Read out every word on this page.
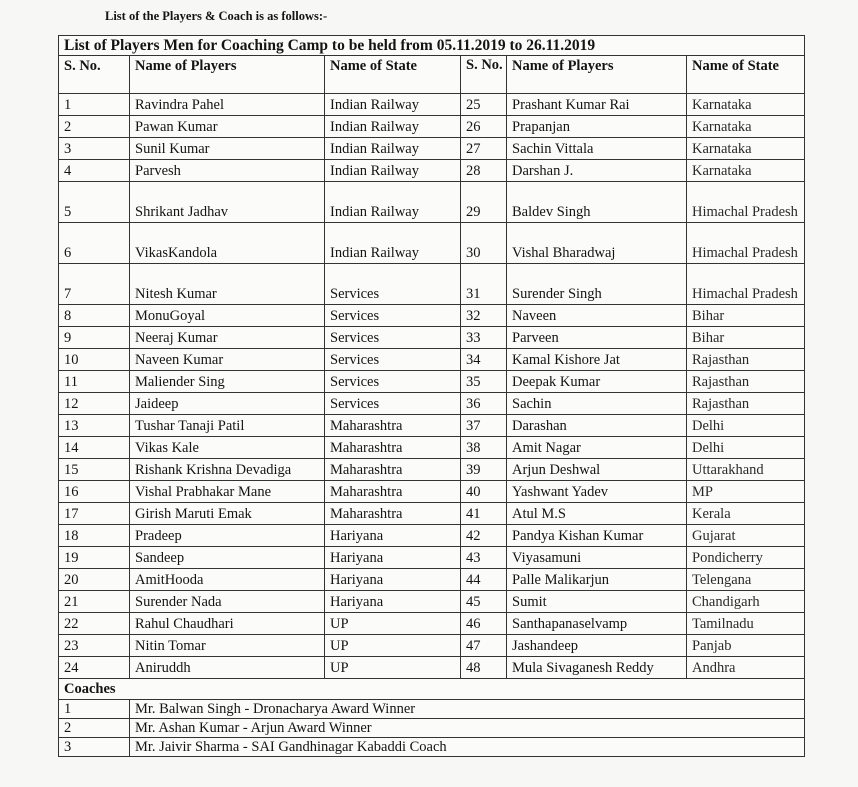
List of the Players & Coach is as follows:-
List of Players Men for Coaching Camp to be held from 05.11.2019 to 26.11.2019					
S. No.	Name of Players	Name of State	S. No.	Name of Players	Name of State
1	Ravindra Pahel	Indian Railway	25	Prashant Kumar Rai	Karnataka
2	Pawan Kumar	Indian Railway	26	Prapanjan	Karnataka
3	Sunil Kumar	Indian Railway	27	Sachin Vittala	Karnataka
4	Parvesh	Indian Railway	28	Darshan J.	Karnataka
5	Shrikant Jadhav	Indian Railway	29	Baldev Singh	Himachal Pradesh
6	VikasKandola	Indian Railway	30	Vishal Bharadwaj	Himachal Pradesh
7	Nitesh Kumar	Services	31	Surender Singh	Himachal Pradesh
8	MonuGoyal	Services	32	Naveen	Bihar
9	Neeraj Kumar	Services	33	Parveen	Bihar
10	Naveen Kumar	Services	34	Kamal Kishore Jat	Rajasthan
11	Maliender Sing	Services	35	Deepak Kumar	Rajasthan
12	Jaideep	Services	36	Sachin	Rajasthan
13	Tushar Tanaji Patil	Maharashtra	37	Darashan	Delhi
14	Vikas Kale	Maharashtra	38	Amit Nagar	Delhi
15	Rishank Krishna Devadiga	Maharashtra	39	Arjun Deshwal	Uttarakhand
16	Vishal Prabhakar Mane	Maharashtra	40	Yashwant Yadev	MP
17	Girish Maruti Emak	Maharashtra	41	Atul M.S	Kerala
18	Pradeep	Hariyana	42	Pandya Kishan Kumar	Gujarat
19	Sandeep	Hariyana	43	Viyasamuni	Pondicherry
20	AmitHooda	Hariyana	44	Palle Malikarjun	Telengana
21	Surender Nada	Hariyana	45	Sumit	Chandigarh
22	Rahul Chaudhari	UP	46	Santhapanaselvamp	Tamilnadu
23	Nitin Tomar	UP	47	Jashandeep	Panjab
24	Aniruddh	UP	48	Mula Sivaganesh Reddy	Andhra
Coaches					
1	Mr. Balwan Singh - Dronacharya Award Winner				
2	Mr. Ashan Kumar - Arjun Award Winner				
3	Mr. Jaivir Sharma - SAI Gandhinagar Kabaddi Coach				
